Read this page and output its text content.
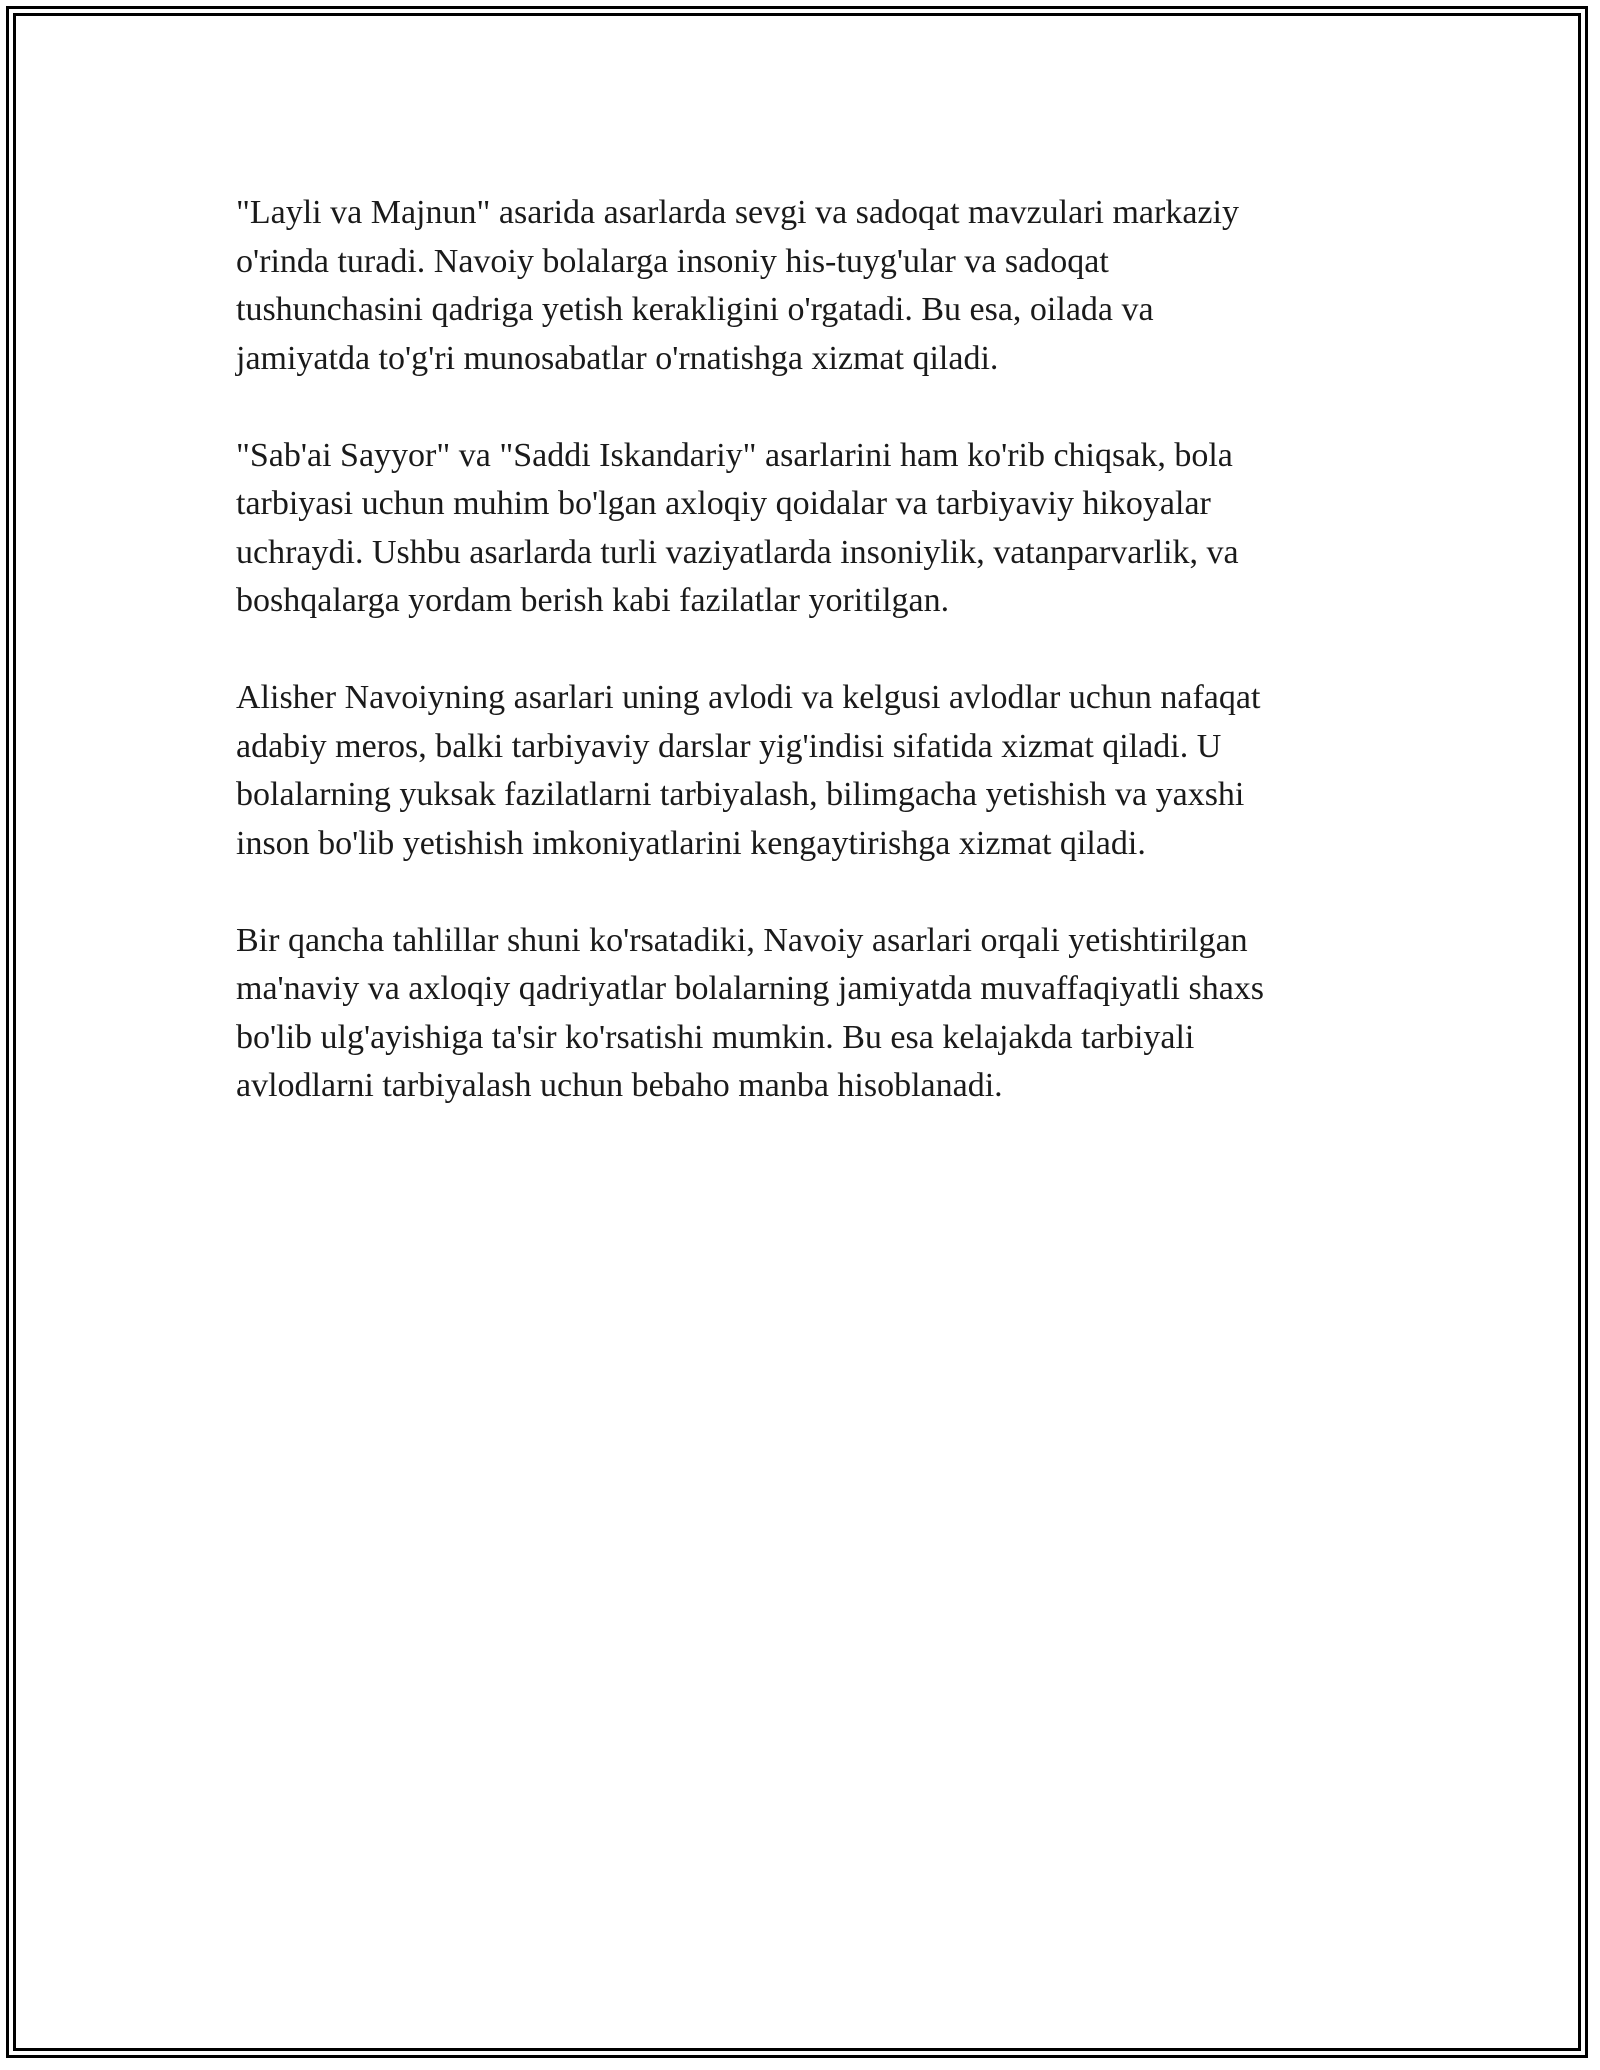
"Layli va Majnun" asarida asarlarda sevgi va sadoqat mavzulari markaziy
o'rinda turadi. Navoiy bolalarga insoniy his-tuyg'ular va sadoqat
tushunchasini qadriga yetish kerakligini o'rgatadi. Bu esa, oilada va
jamiyatda to'g'ri munosabatlar o'rnatishga xizmat qiladi.

"Sab'ai Sayyor" va "Saddi Iskandariy" asarlarini ham ko'rib chiqsak, bola
tarbiyasi uchun muhim bo'lgan axloqiy qoidalar va tarbiyaviy hikoyalar
uchraydi. Ushbu asarlarda turli vaziyatlarda insoniylik, vatanparvarlik, va
boshqalarga yordam berish kabi fazilatlar yoritilgan.

Alisher Navoiyning asarlari uning avlodi va kelgusi avlodlar uchun nafaqat
adabiy meros, balki tarbiyaviy darslar yig'indisi sifatida xizmat qiladi. U
bolalarning yuksak fazilatlarni tarbiyalash, bilimgacha yetishish va yaxshi
inson bo'lib yetishish imkoniyatlarini kengaytirishga xizmat qiladi.

Bir qancha tahlillar shuni ko'rsatadiki, Navoiy asarlari orqali yetishtirilgan
ma'naviy va axloqiy qadriyatlar bolalarning jamiyatda muvaffaqiyatli shaxs
bo'lib ulg'ayishiga ta'sir ko'rsatishi mumkin. Bu esa kelajakda tarbiyali
avlodlarni tarbiyalash uchun bebaho manba hisoblanadi.
